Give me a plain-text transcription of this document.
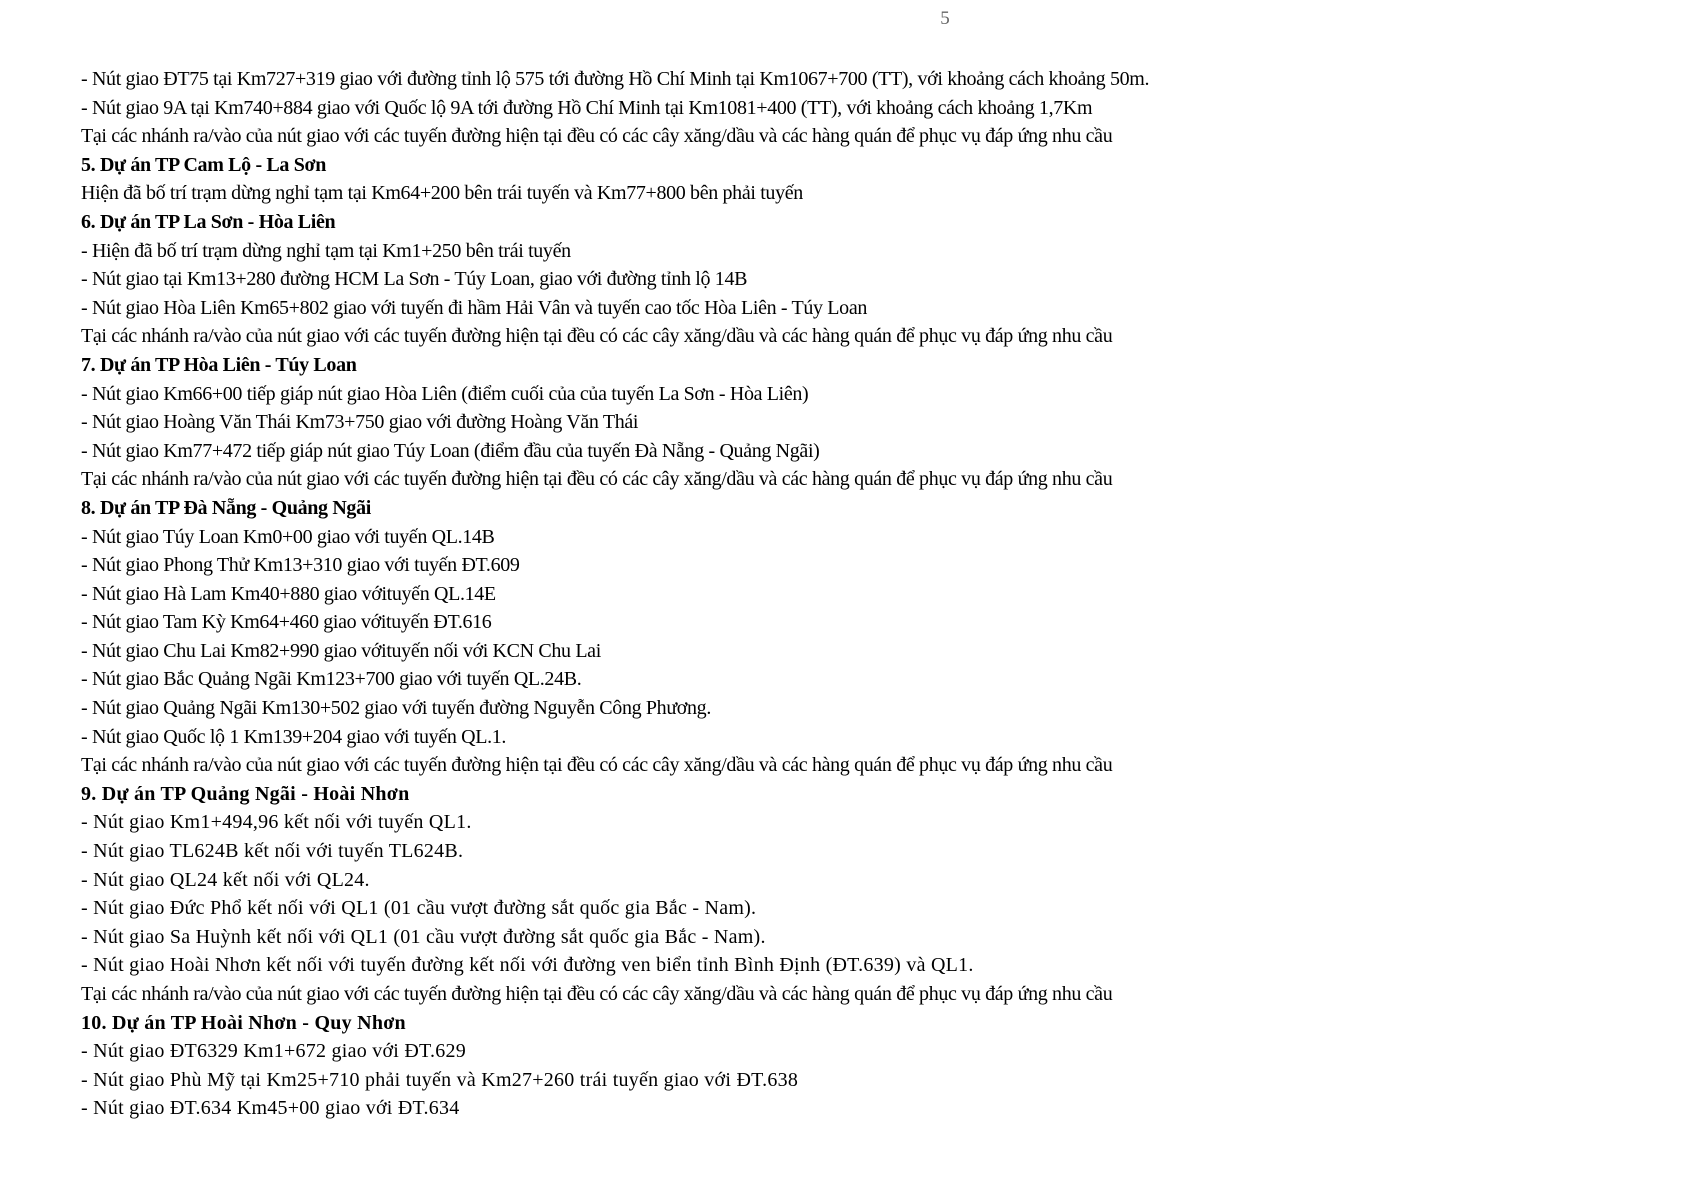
5
- Nút giao ĐT75 tại Km727+319 giao với đường tỉnh lộ 575 tới đường Hồ Chí Minh tại Km1067+700 (TT), với khoảng cách khoảng 50m.
- Nút giao 9A tại Km740+884 giao với Quốc lộ 9A tới đường Hồ Chí Minh tại Km1081+400 (TT), với khoảng cách khoảng 1,7Km
Tại các nhánh ra/vào của nút giao với các tuyến đường hiện tại đều có các cây xăng/dầu và các hàng quán để phục vụ đáp ứng nhu cầu
5. Dự án TP Cam Lộ - La Sơn
Hiện đã bố trí trạm dừng nghỉ tạm tại Km64+200 bên trái tuyến và Km77+800 bên phải tuyến
6. Dự án TP La Sơn - Hòa Liên
- Hiện đã bố trí trạm dừng nghỉ tạm tại Km1+250 bên trái tuyến
- Nút giao tại Km13+280 đường HCM La Sơn - Túy Loan, giao với đường tỉnh lộ 14B
- Nút giao Hòa Liên Km65+802 giao với tuyến đi hầm Hải Vân và tuyến cao tốc Hòa Liên - Túy Loan
Tại các nhánh ra/vào của nút giao với các tuyến đường hiện tại đều có các cây xăng/dầu và các hàng quán để phục vụ đáp ứng nhu cầu
7. Dự án TP Hòa Liên - Túy Loan
- Nút giao Km66+00 tiếp giáp nút giao Hòa Liên (điểm cuối của của tuyến La Sơn - Hòa Liên)
- Nút giao Hoàng Văn Thái Km73+750 giao với đường Hoàng Văn Thái
- Nút giao Km77+472 tiếp giáp nút giao Túy Loan (điểm đầu của tuyến Đà Nẵng - Quảng Ngãi)
Tại các nhánh ra/vào của nút giao với các tuyến đường hiện tại đều có các cây xăng/dầu và các hàng quán để phục vụ đáp ứng nhu cầu
8. Dự án TP Đà Nẵng - Quảng Ngãi
- Nút giao Túy Loan Km0+00 giao với tuyến QL.14B
- Nút giao Phong Thử Km13+310 giao với tuyến ĐT.609
- Nút giao Hà Lam Km40+880 giao vớituyến QL.14E
- Nút giao Tam Kỳ Km64+460 giao vớituyến ĐT.616
- Nút giao Chu Lai Km82+990 giao vớituyến nối với KCN Chu Lai
- Nút giao Bắc Quảng Ngãi Km123+700 giao với tuyến QL.24B.
- Nút giao Quảng Ngãi Km130+502 giao với tuyến đường Nguyễn Công Phương.
- Nút giao Quốc lộ 1 Km139+204 giao với tuyến QL.1.
Tại các nhánh ra/vào của nút giao với các tuyến đường hiện tại đều có các cây xăng/dầu và các hàng quán để phục vụ đáp ứng nhu cầu
9. Dự án TP Quảng Ngãi - Hoài Nhơn
- Nút giao Km1+494,96 kết nối với tuyến QL1.
- Nút giao TL624B kết nối với tuyến TL624B.
- Nút giao QL24 kết nối với QL24.
- Nút giao Đức Phổ kết nối với QL1 (01 cầu vượt đường sắt quốc gia Bắc - Nam).
- Nút giao Sa Huỳnh kết nối với QL1 (01 cầu vượt đường sắt quốc gia Bắc - Nam).
- Nút giao Hoài Nhơn kết nối với tuyến đường kết nối với đường ven biển tỉnh Bình Định (ĐT.639) và QL1.
Tại các nhánh ra/vào của nút giao với các tuyến đường hiện tại đều có các cây xăng/dầu và các hàng quán để phục vụ đáp ứng nhu cầu
10. Dự án TP Hoài Nhơn - Quy Nhơn
- Nút giao ĐT6329 Km1+672 giao với ĐT.629
- Nút giao Phù Mỹ tại Km25+710 phải tuyến và Km27+260 trái tuyến giao với ĐT.638
- Nút giao ĐT.634 Km45+00 giao với ĐT.634
